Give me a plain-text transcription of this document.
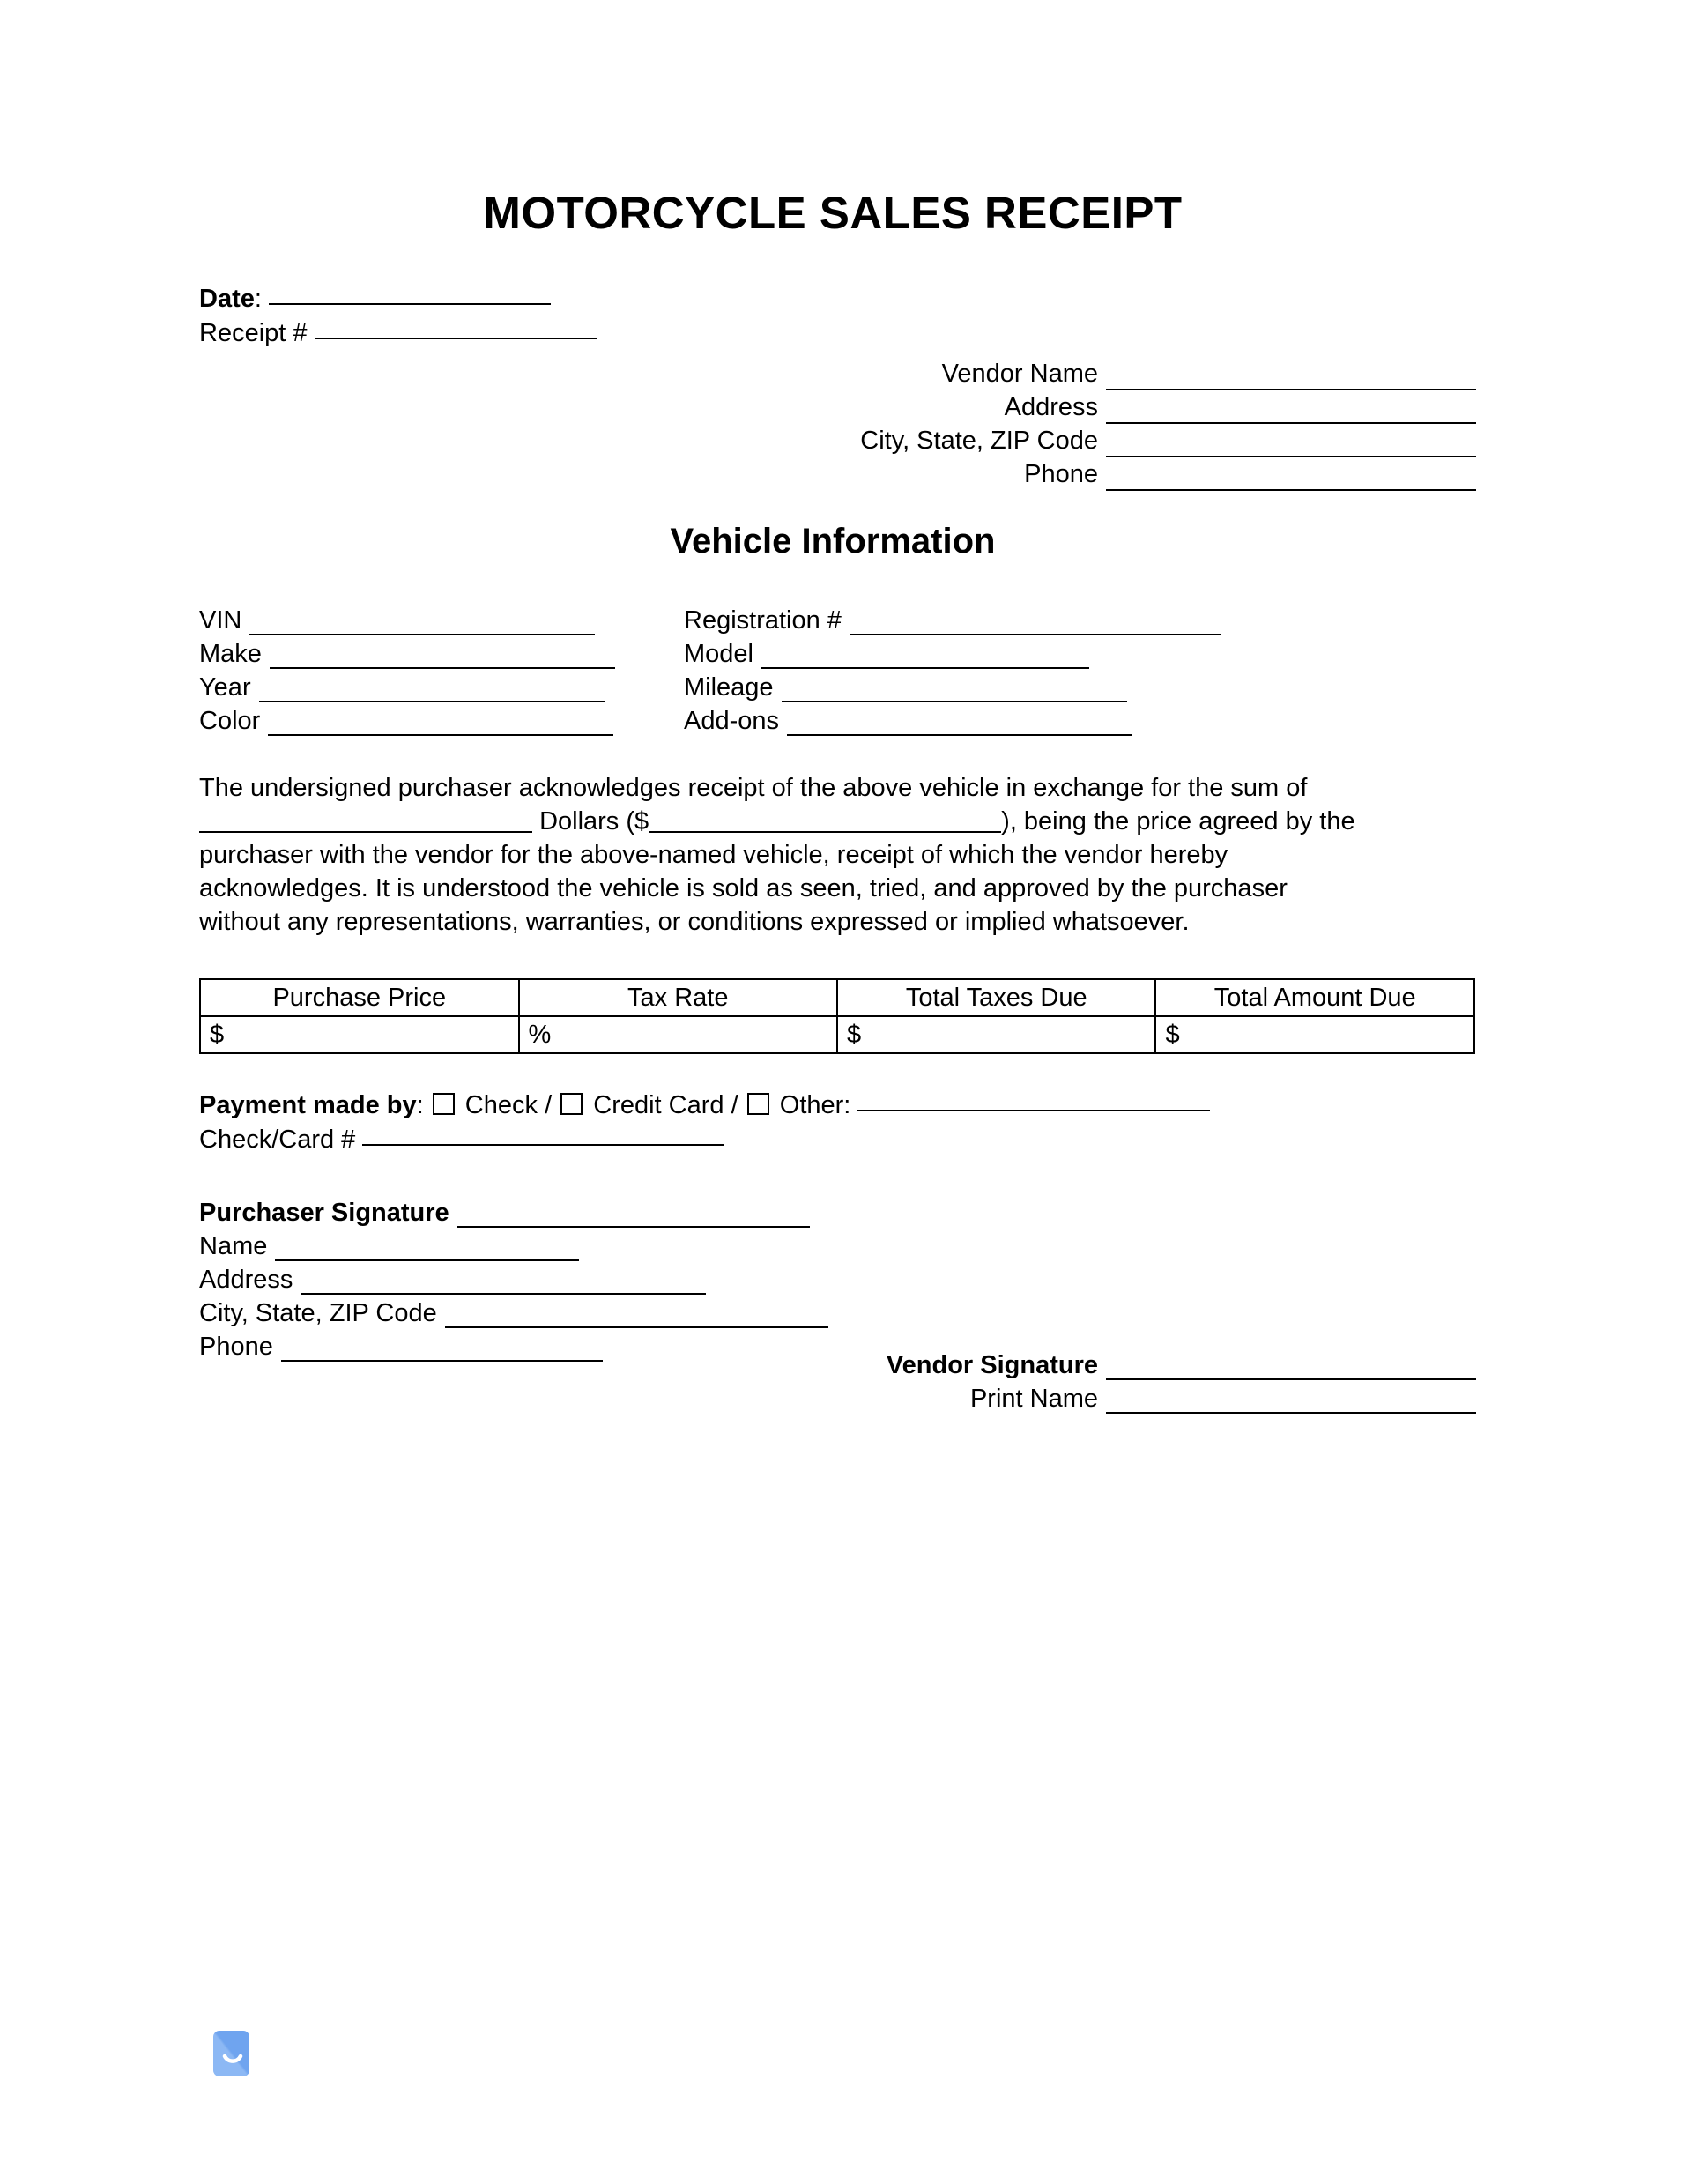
MOTORCYCLE SALES RECEIPT
Date:
Receipt #
Vendor Name
Address
City, State, ZIP Code
Phone
Vehicle Information
VIN	Registration #
Make	Model
Year	Mileage
Color	Add-ons
The undersigned purchaser acknowledges receipt of the above vehicle in exchange for the sum of
Dollars ($	), being the price agreed by the
purchaser with the vendor for the above-named vehicle, receipt of which the vendor hereby
acknowledges. It is understood the vehicle is sold as seen, tried, and approved by the purchaser
without any representations, warranties, or conditions expressed or implied whatsoever.
Purchase Price	Tax Rate	Total Taxes Due	Total Amount Due
$	%	$	$
Payment made by: Check / Credit Card / Other:
Check/Card #
Purchaser Signature
Name
Address
City, State, ZIP Code
Phone
Vendor Signature
Print Name
